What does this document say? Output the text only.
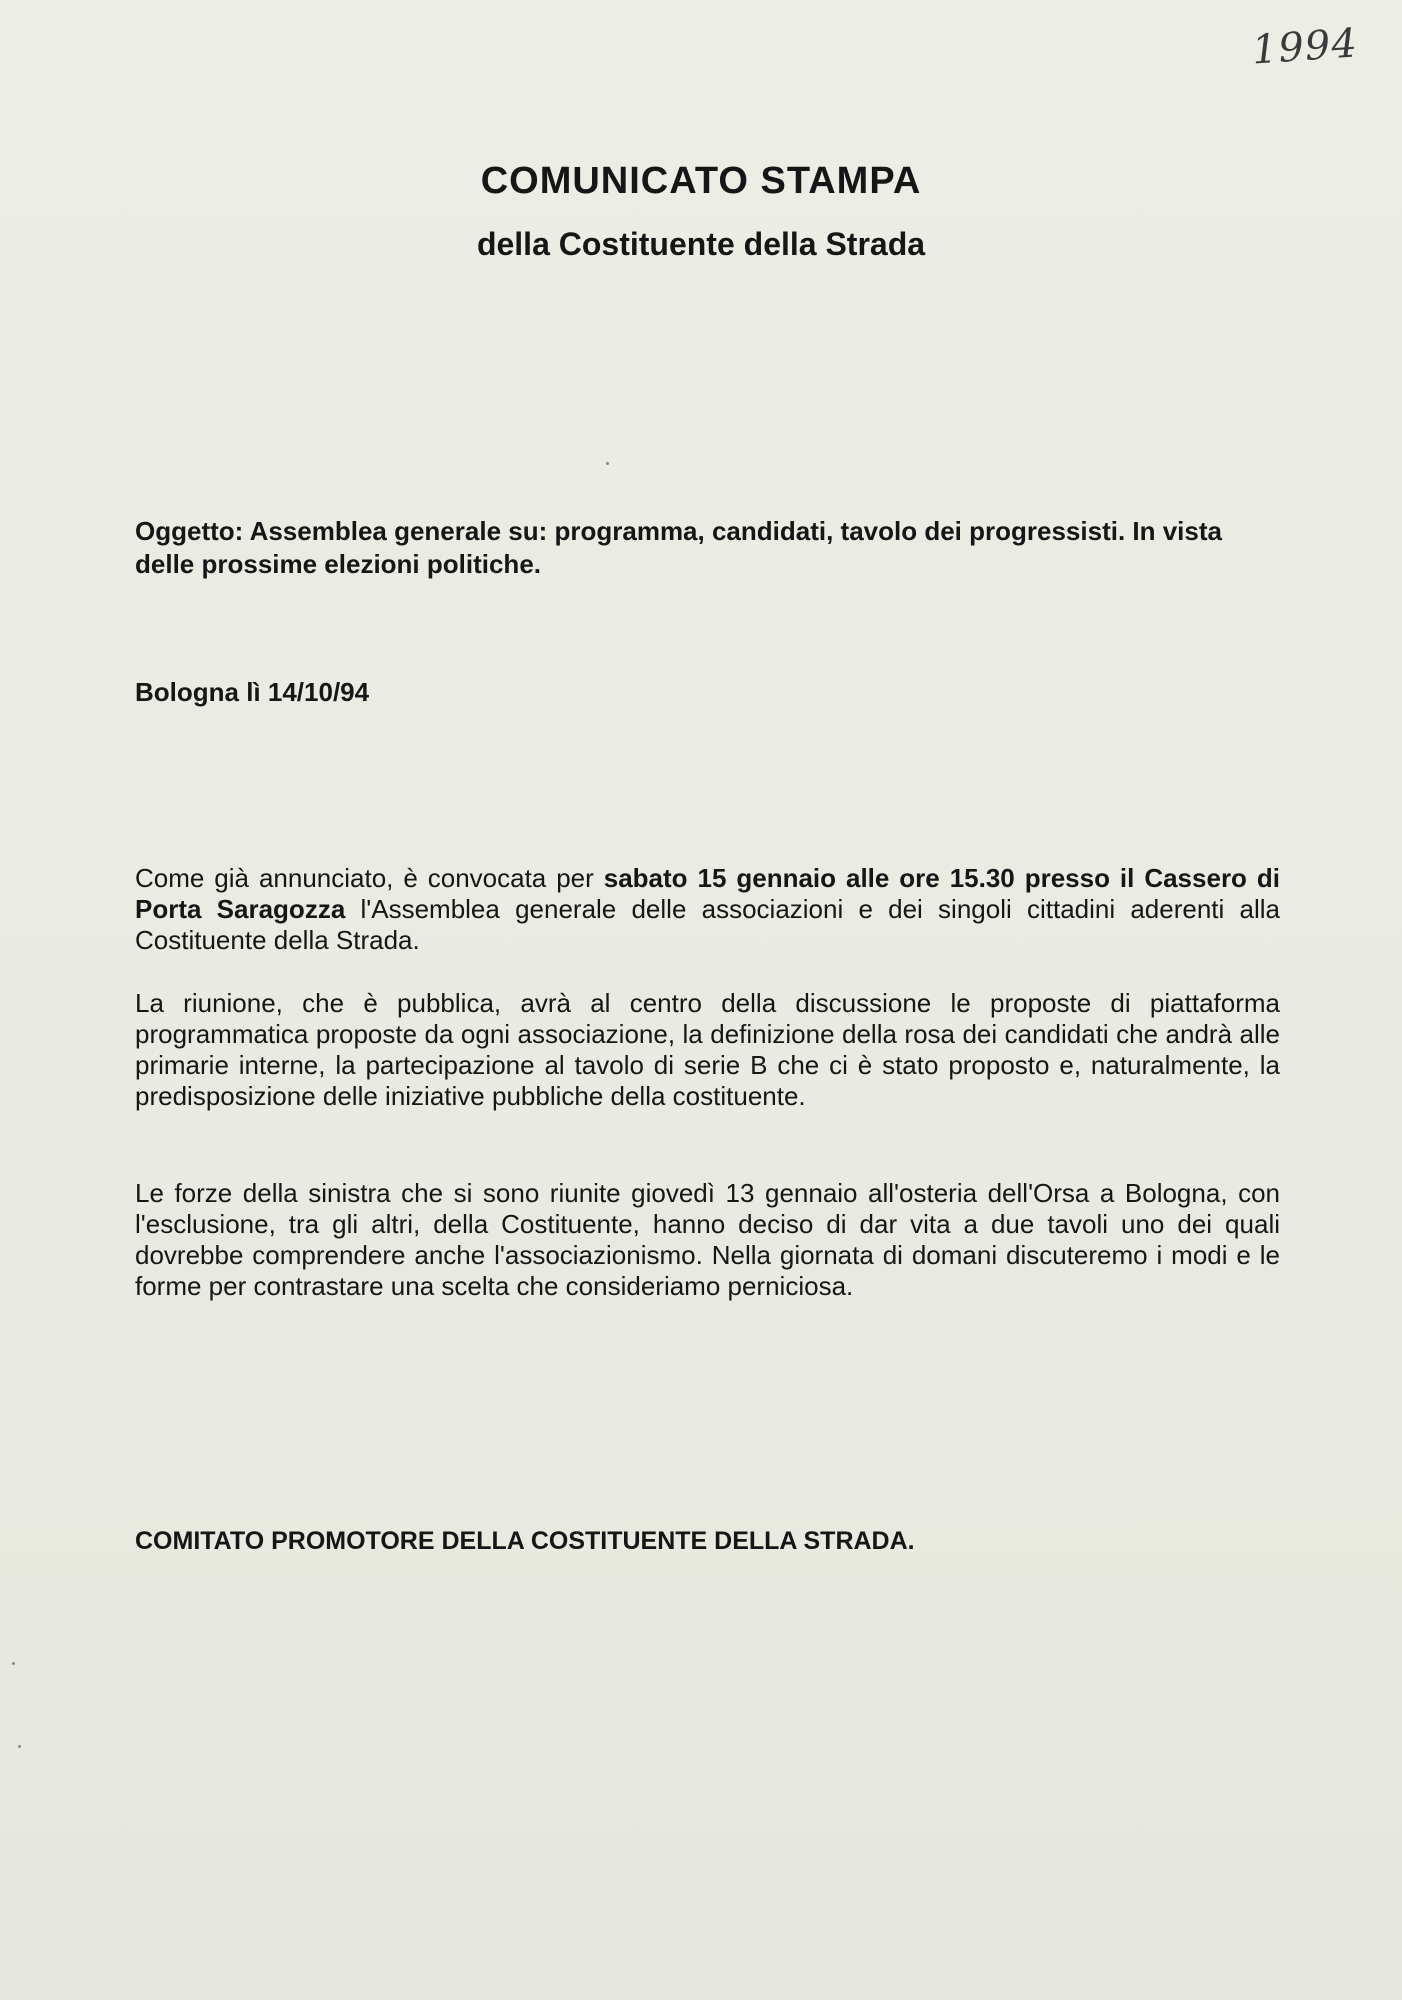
1994
COMUNICATO STAMPA
della Costituente della Strada

Oggetto: Assemblea generale su: programma, candidati, tavolo dei progressisti. In vista delle prossime elezioni politiche.

Bologna lì 14/10/94

Come già annunciato, è convocata per sabato 15 gennaio alle ore 15.30 presso il Cassero di Porta Saragozza l'Assemblea generale delle associazioni e dei singoli cittadini aderenti alla Costituente della Strada.

La riunione, che è pubblica, avrà al centro della discussione le proposte di piattaforma programmatica proposte da ogni associazione, la definizione della rosa dei candidati che andrà alle primarie interne, la partecipazione al tavolo di serie B che ci è stato proposto e, naturalmente, la predisposizione delle iniziative pubbliche della costituente.

Le forze della sinistra che si sono riunite giovedì 13 gennaio all'osteria dell'Orsa a Bologna, con l'esclusione, tra gli altri, della Costituente, hanno deciso di dar vita a due tavoli uno dei quali dovrebbe comprendere anche l'associazionismo. Nella giornata di domani discuteremo i modi e le forme per contrastare una scelta che consideriamo perniciosa.

COMITATO PROMOTORE DELLA COSTITUENTE DELLA STRADA.
